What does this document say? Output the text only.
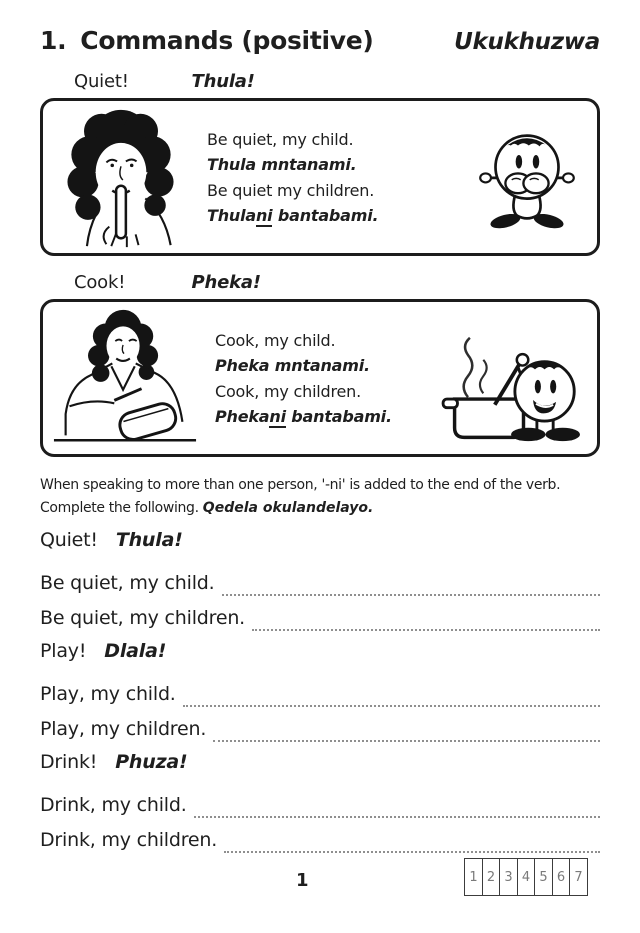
1. Commands (positive)	Ukukhuzwa
Quiet!	Thula!
Be quiet, my child.
Thula mntanami.
Be quiet my children.
Thulani bantabami.
Cook!	Pheka!
Cook, my child.
Pheka mntanami.
Cook, my children.
Phekani bantabami.
When speaking to more than one person, '-ni' is added to the end of the verb.
Complete the following. Qedela okulandelayo.
Quiet! Thula!
Be quiet, my child.
Be quiet, my children.
Play! Dlala!
Play, my child.
Play, my children.
Drink! Phuza!
Drink, my child.
Drink, my children.
1	1 2 3 4 5 6 7
